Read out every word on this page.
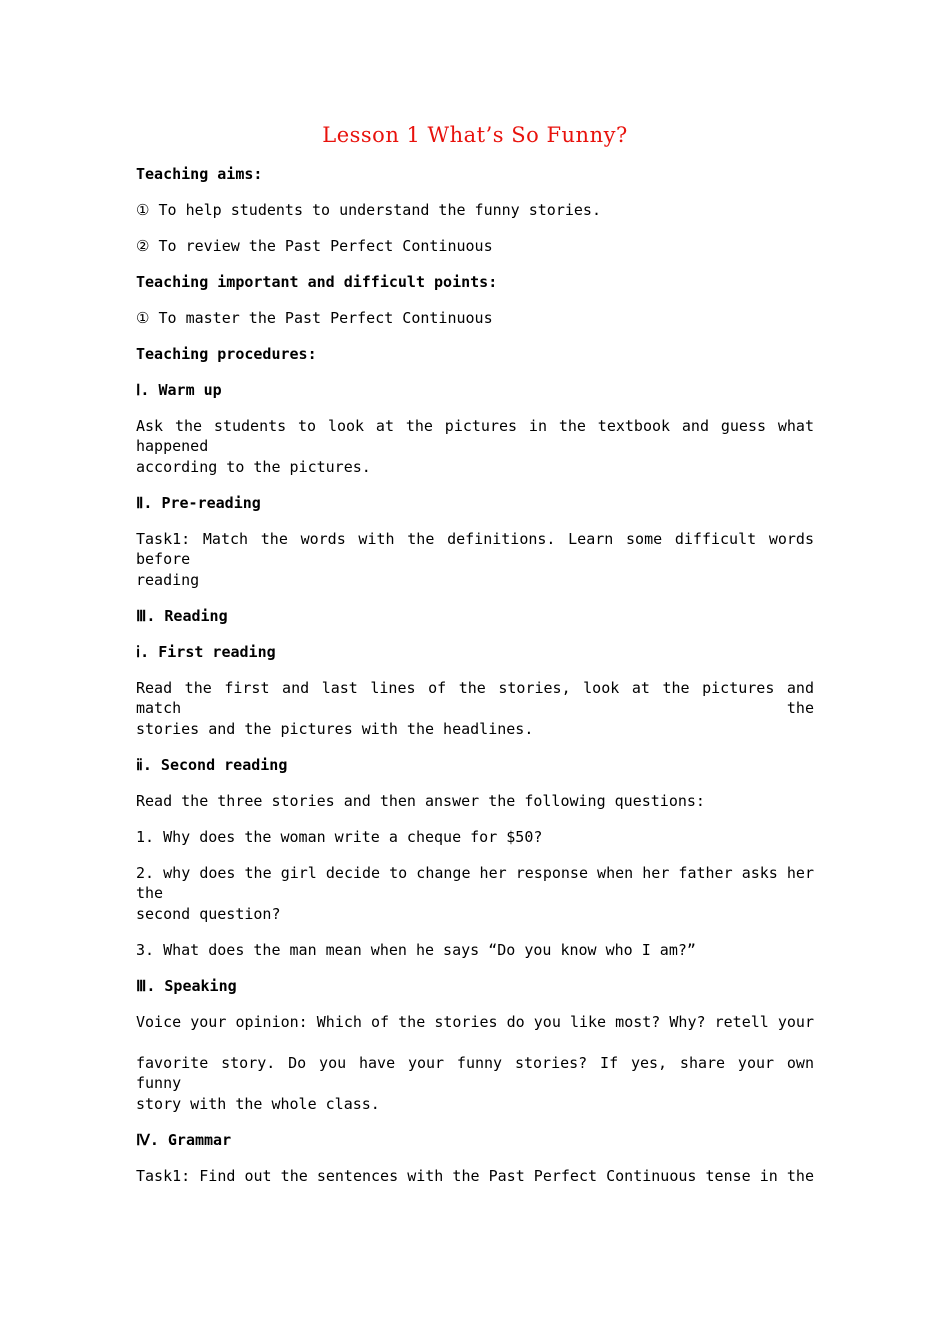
Lesson 1 What’s So Funny?
Teaching aims:
① To help students to understand the funny stories.
② To review the Past Perfect Continuous
Teaching important and difficult points:
① To master the Past Perfect Continuous
Teaching procedures:
Ⅰ. Warm up
Ask the students to look at the pictures in the textbook and guess what happened
according to the pictures.
Ⅱ. Pre-reading
Task1: Match the words with the definitions. Learn some difficult words before
reading
Ⅲ. Reading
ⅰ. First reading
Read the first and last lines of the stories, look at the pictures and match the
stories and the pictures with the headlines.
ⅱ. Second reading
Read the three stories and then answer the following questions:
1. Why does the woman write a cheque for $50?
2. why does the girl decide to change her response when her father asks her the
second question?
3. What does the man mean when he says “Do you know who I am?”
Ⅲ. Speaking
Voice your opinion: Which of the stories do you like most? Why? retell your
favorite story. Do you have your funny stories? If yes, share your own funny
story with the whole class.
Ⅳ. Grammar
Task1: Find out the sentences with the Past Perfect Continuous tense in the
